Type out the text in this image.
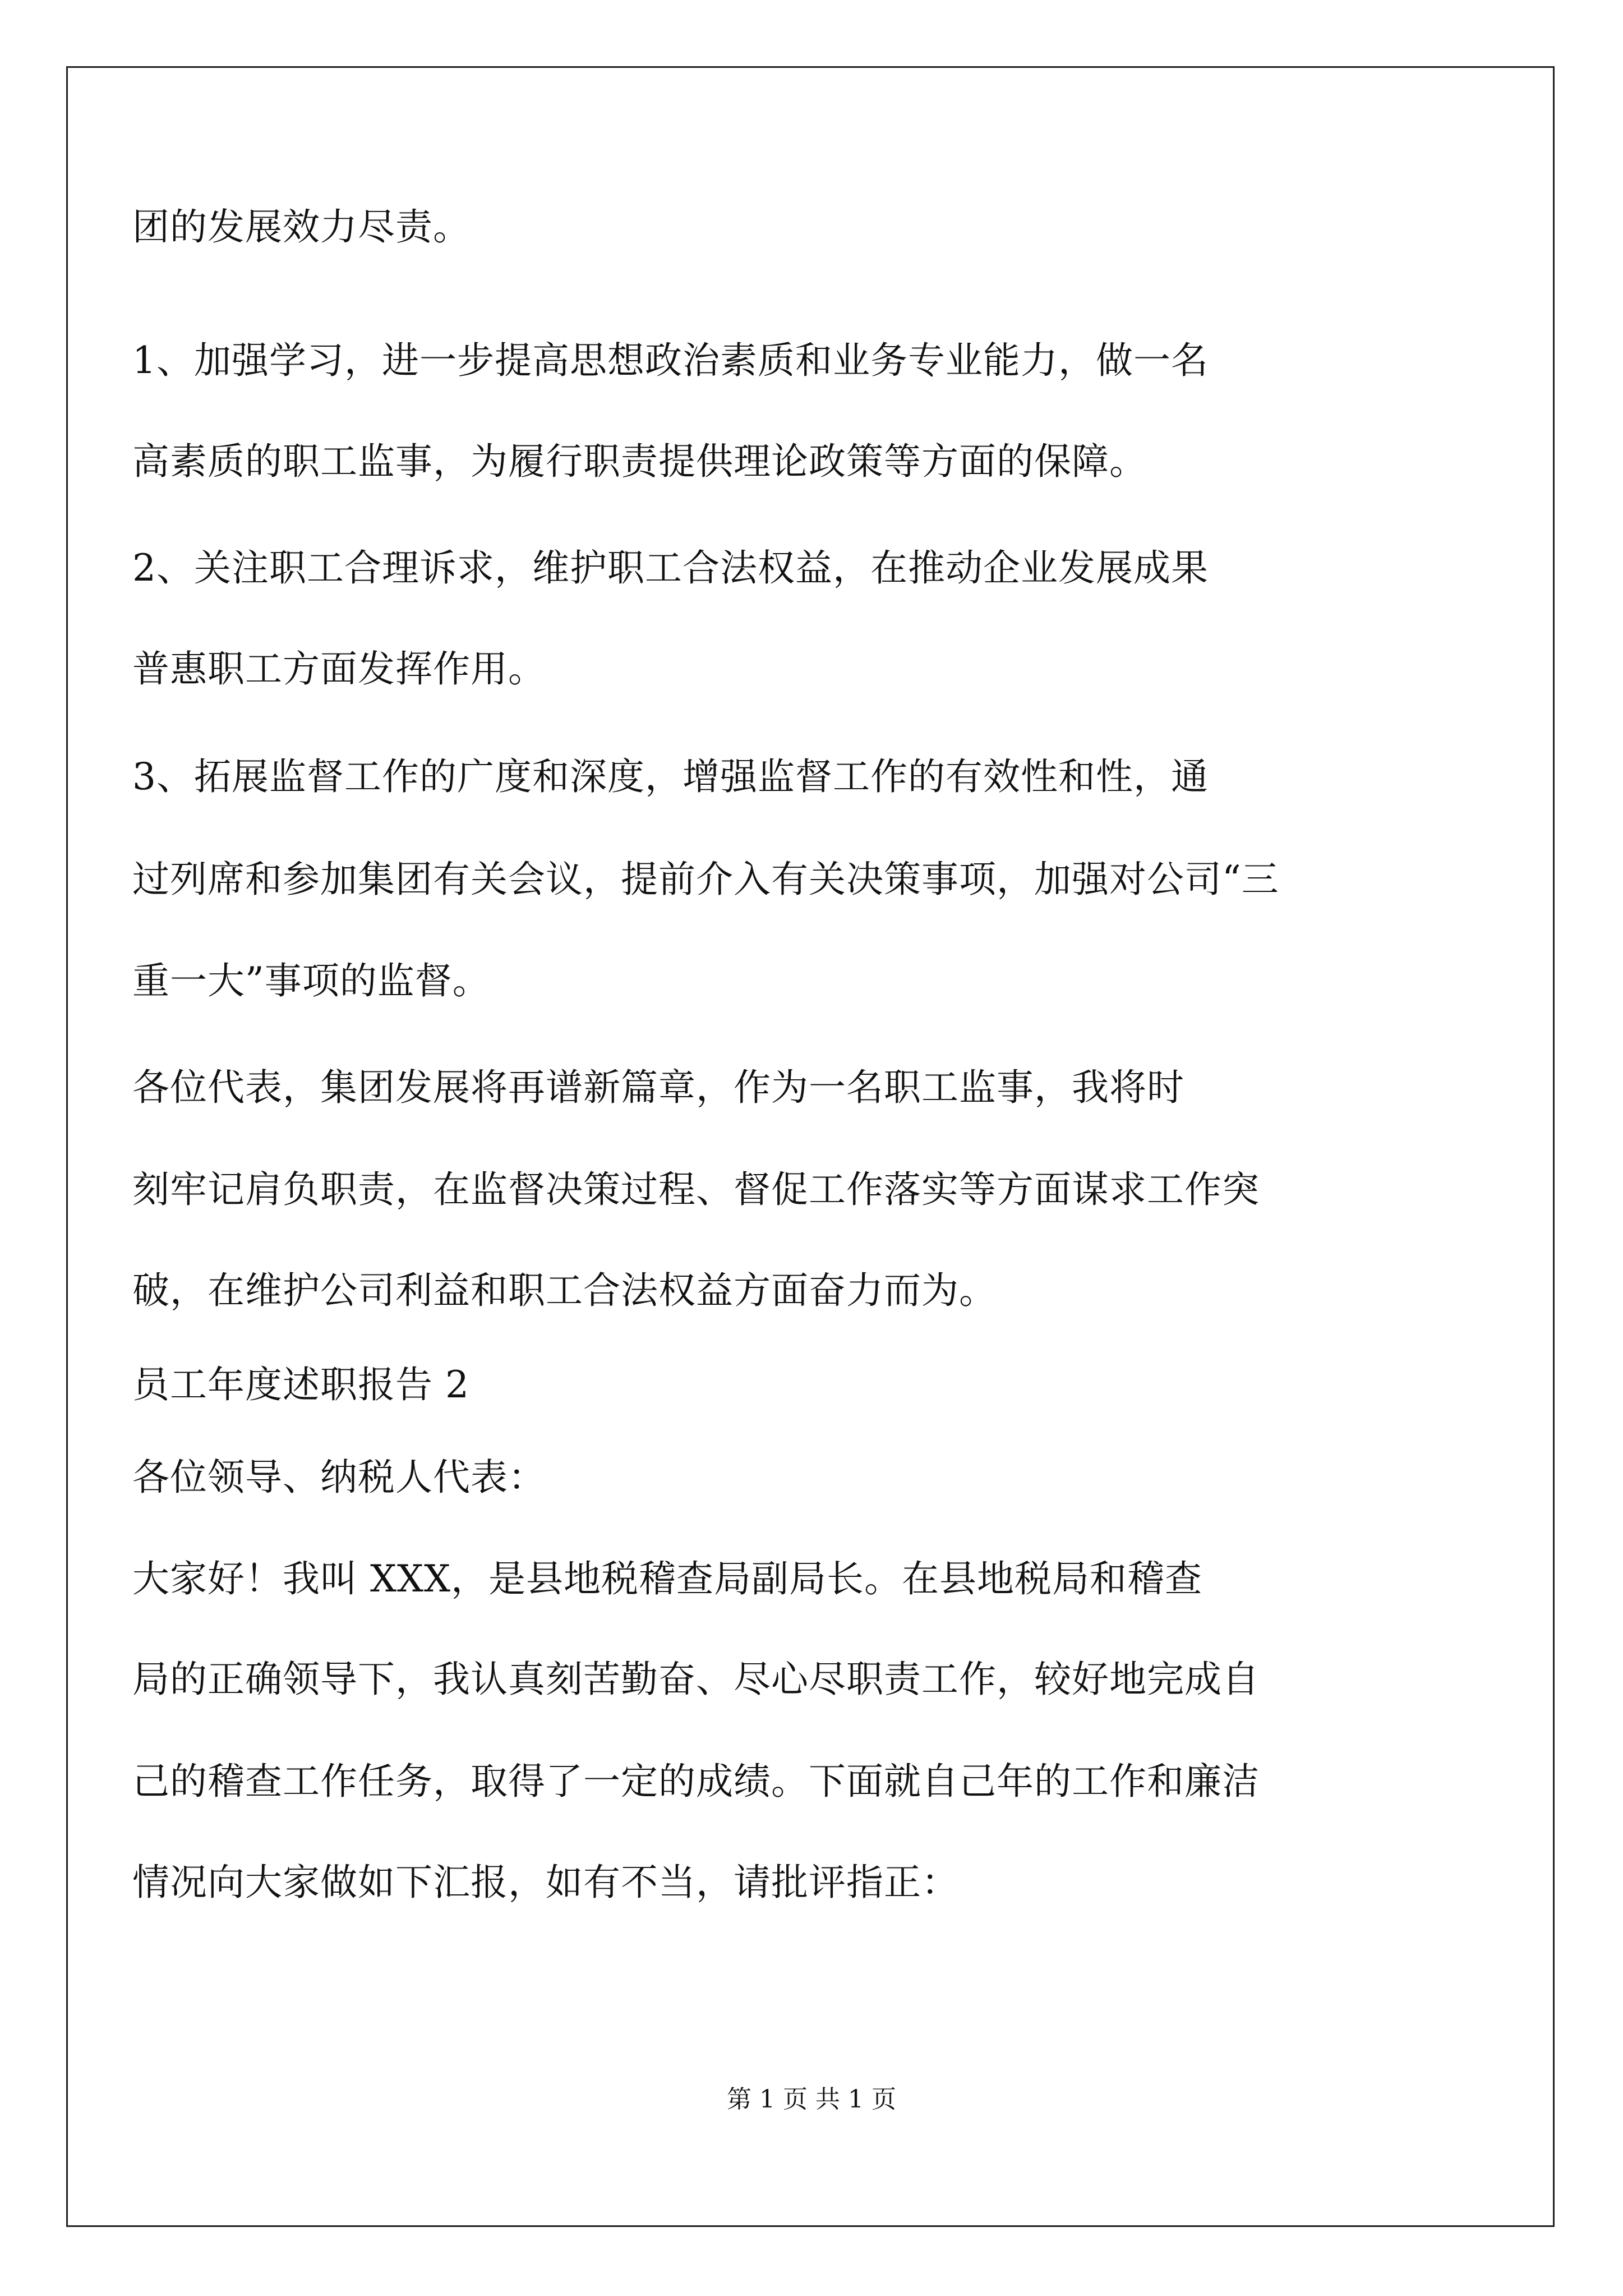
团的发展效力尽责。
1、加强学习，进一步提高思想政治素质和业务专业能力，做一名
高素质的职工监事，为履行职责提供理论政策等方面的保障。
2、关注职工合理诉求，维护职工合法权益，在推动企业发展成果
普惠职工方面发挥作用。
3、拓展监督工作的广度和深度，增强监督工作的有效性和性，通
过列席和参加集团有关会议，提前介入有关决策事项，加强对公司“三
重一大”事项的监督。
各位代表，集团发展将再谱新篇章，作为一名职工监事，我将时
刻牢记肩负职责，在监督决策过程、督促工作落实等方面谋求工作突
破，在维护公司利益和职工合法权益方面奋力而为。
员工年度述职报告 2
各位领导、纳税人代表：
大家好！我叫 XXX，是县地税稽查局副局长。在县地税局和稽查
局的正确领导下，我认真刻苦勤奋、尽心尽职责工作，较好地完成自
己的稽查工作任务，取得了一定的成绩。下面就自己年的工作和廉洁
情况向大家做如下汇报，如有不当，请批评指正：
第 1 页 共 1 页
